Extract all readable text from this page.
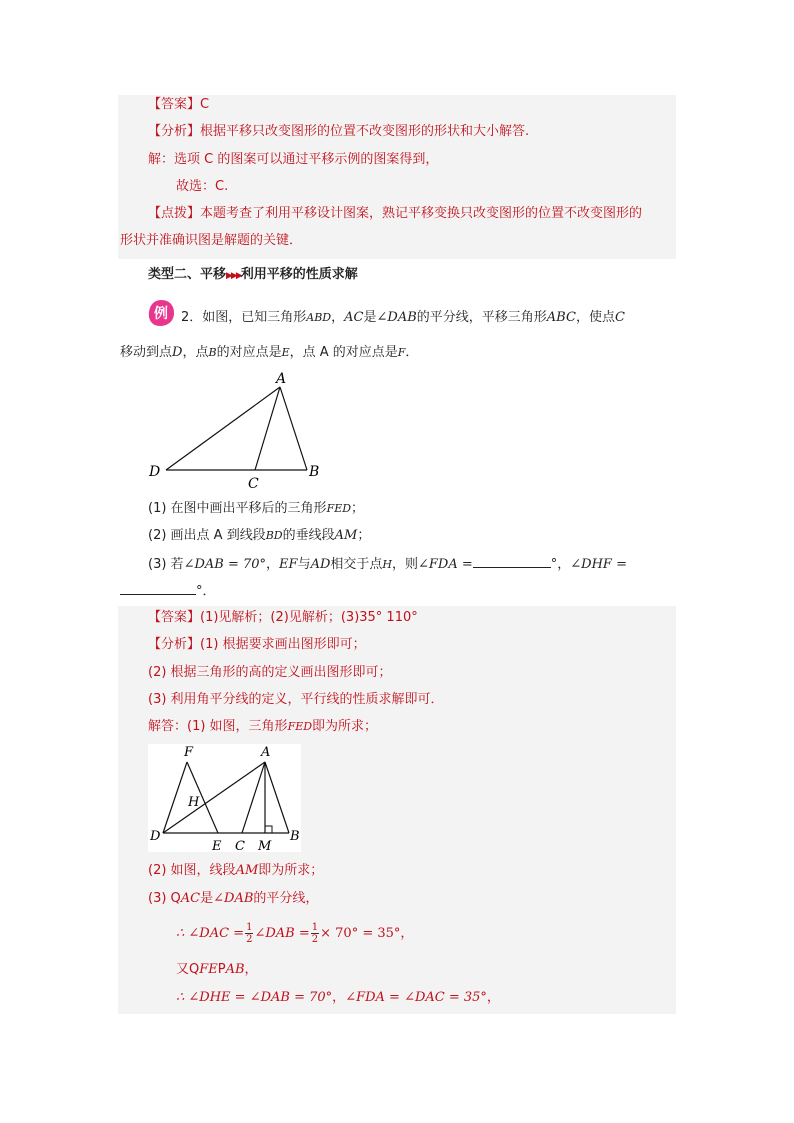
【答案】C
【分析】根据平移只改变图形的位置不改变图形的形状和大小解答.
解：选项 C 的图案可以通过平移示例的图案得到，
故选：C.
【点拨】本题考查了利用平移设计图案，熟记平移变换只改变图形的位置不改变图形的
形状并准确识图是解题的关键．
类型二、平移▶▶▶利用平移的性质求解
例 2．如图，已知三角形ABD，AC是∠DAB的平分线，平移三角形ABC，使点C
移动到点D，点B的对应点是E，点 A 的对应点是F．
A
B
C
D
(1) 在图中画出平移后的三角形FED；
(2) 画出点 A 到线段BD的垂线段AM；
(3) 若∠DAB = 70°，EF与AD相交于点H，则∠FDA =	°，∠DHF =
°．
【答案】(1)见解析；(2)见解析；(3)35° 110°
【分析】(1) 根据要求画出图形即可；
(2) 根据三角形的高的定义画出图形即可；
(3) 利用角平分线的定义，平行线的性质求解即可．
解答：(1) 如图，三角形FED即为所求；
F	A
H
D
E C M
B
(2) 如图，线段AM即为所求；
(3) QAC是∠DAB的平分线，
∴ ∠DAC = $\frac{1}{2}$ ∠DAB = $\frac{1}{2} \times 70^\circ = 35^\circ$，
又QFEPAB，
∴ ∠DHE = ∠DAB = 70°，∠FDA = ∠DAC = 35°，
